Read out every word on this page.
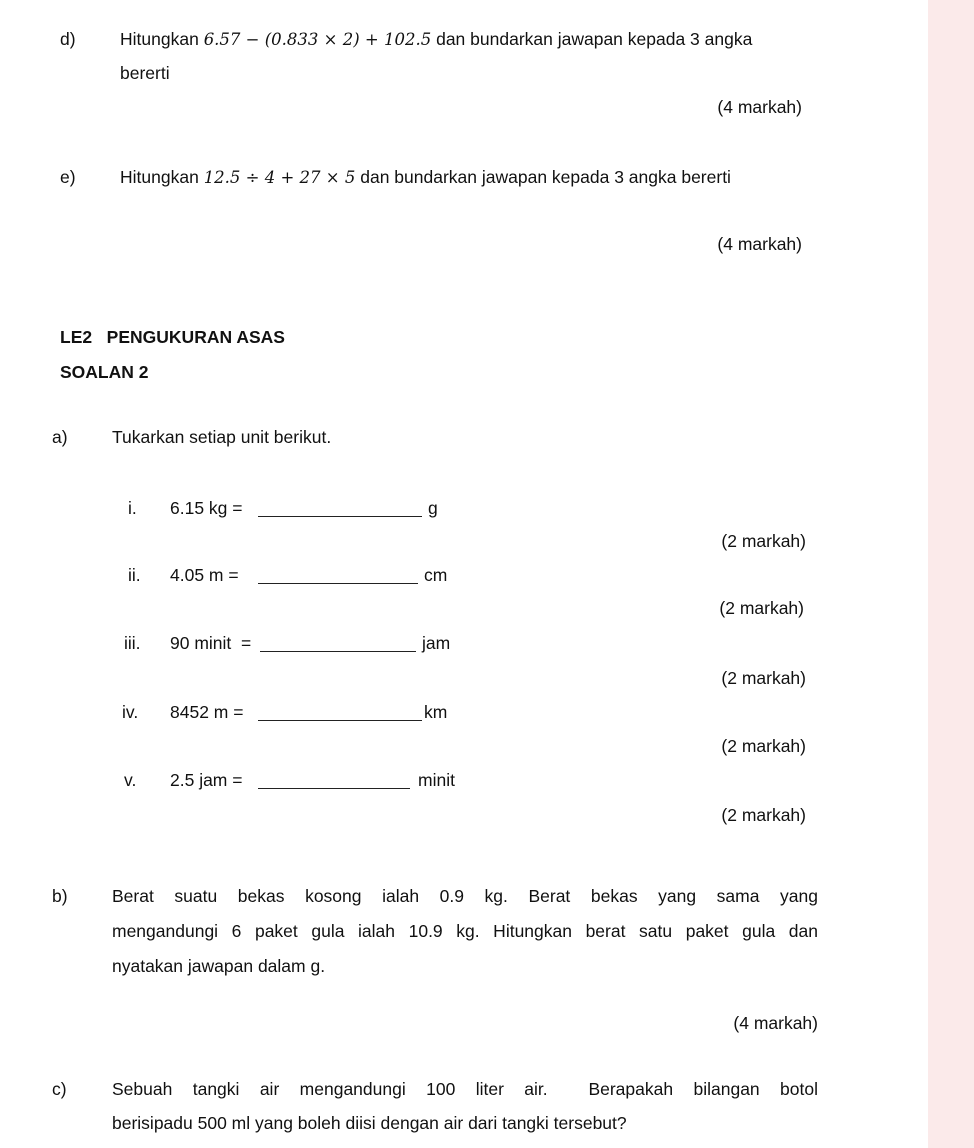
d)	Hitungkan 6.57 − (0.833 × 2) + 102.5 dan bundarkan jawapan kepada 3 angka
bererti
(4 markah)
e)	Hitungkan 12.5 ÷ 4 + 27 × 5 dan bundarkan jawapan kepada 3 angka bererti
(4 markah)
LE2   PENGUKURAN ASAS
SOALAN 2
a)	Tukarkan setiap unit berikut.
i. 6.15 kg =	g
(2 markah)
ii. 4.05 m =	cm
(2 markah)
iii. 90 minit  =	jam
(2 markah)
iv. 8452 m =	km
(2 markah)
v. 2.5 jam =	minit
(2 markah)
b)	Berat suatu bekas kosong ialah 0.9 kg. Berat bekas yang sama yang
mengandungi 6 paket gula ialah 10.9 kg. Hitungkan berat satu paket gula dan
nyatakan jawapan dalam g.
(4 markah)
c)	Sebuah tangki air mengandungi 100 liter air.  Berapakah bilangan botol
berisipadu 500 ml yang boleh diisi dengan air dari tangki tersebut?
